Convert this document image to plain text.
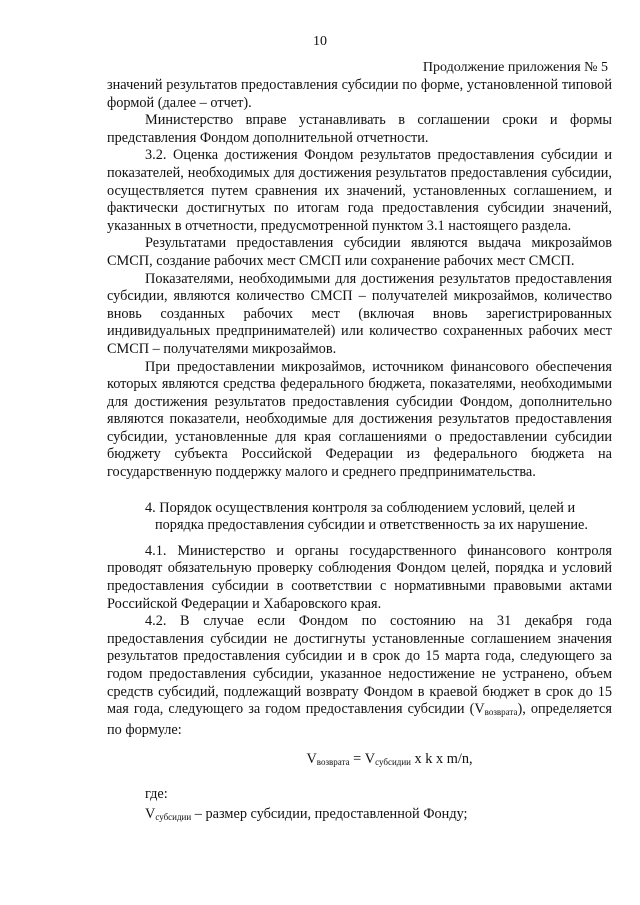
10
Продолжение приложения № 5

значений результатов предоставления субсидии по форме, установленной типовой формой (далее – отчет).

Министерство вправе устанавливать в соглашении сроки и формы представления Фондом дополнительной отчетности.

3.2. Оценка достижения Фондом результатов предоставления субсидии и показателей, необходимых для достижения результатов предоставления субсидии, осуществляется путем сравнения их значений, установленных соглашением, и фактически достигнутых по итогам года предоставления субсидии значений, указанных в отчетности, предусмотренной пунктом 3.1 настоящего раздела.

Результатами предоставления субсидии являются выдача микрозаймов СМСП, создание рабочих мест СМСП или сохранение рабочих мест СМСП.

Показателями, необходимыми для достижения результатов предоставления субсидии, являются количество СМСП – получателей микрозаймов, количество вновь созданных рабочих мест (включая вновь зарегистрированных индивидуальных предпринимателей) или количество сохраненных рабочих мест СМСП – получателями микрозаймов.

При предоставлении микрозаймов, источником финансового обеспечения которых являются средства федерального бюджета, показателями, необходимыми для достижения результатов предоставления субсидии Фондом, дополнительно являются показатели, необходимые для достижения результатов предоставления субсидии, установленные для края соглашениями о предоставлении субсидии бюджету субъекта Российской Федерации из федерального бюджета на государственную поддержку малого и среднего предпринимательства.

4. Порядок осуществления контроля за соблюдением условий, целей и
порядка предоставления субсидии и ответственность за их нарушение.

4.1. Министерство и органы государственного финансового контроля проводят обязательную проверку соблюдения Фондом целей, порядка и условий предоставления субсидии в соответствии с нормативными правовыми актами Российской Федерации и Хабаровского края.

4.2. В случае если Фондом по состоянию на 31 декабря года предоставления субсидии не достигнуты установленные соглашением значения результатов предоставления субсидии и в срок до 15 марта года, следующего за годом предоставления субсидии, указанное недостижение не устранено, объем средств субсидий, подлежащий возврату Фондом в краевой бюджет в срок до 15 мая года, следующего за годом предоставления субсидии $(V_{возврата})$, определяется по формуле:

$V_{возврата} = V_{субсидии}$ x k x m/n,

где:

$V_{субсидии}$ – размер субсидии, предоставленной Фонду;
